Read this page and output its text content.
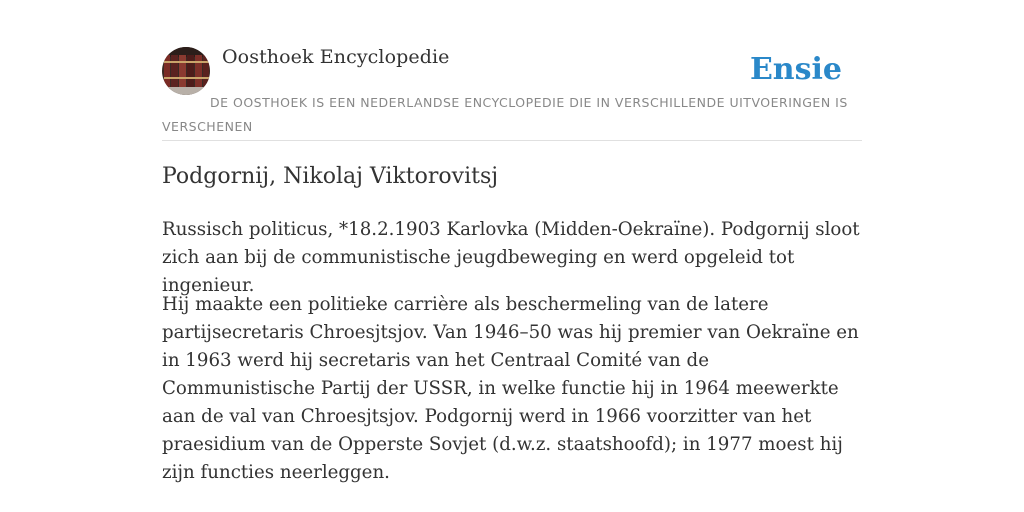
Oosthoek Encyclopedie	Ensie
DE OOSTHOEK IS EEN NEDERLANDSE ENCYCLOPEDIE DIE IN VERSCHILLENDE UITVOERINGEN IS VERSCHENEN
Podgornij, Nikolaj Viktorovitsj

Russisch politicus, *18.2.1903 Karlovka (Midden-Oekraïne). Podgornij sloot zich aan bij de communistische jeugdbeweging en werd opgeleid tot ingenieur.

Hij maakte een politieke carrière als beschermeling van de latere partijsecretaris Chroesjtsjov. Van 1946–50 was hij premier van Oekraïne en in 1963 werd hij secretaris van het Centraal Comité van de Communistische Partij der USSR, in welke functie hij in 1964 meewerkte aan de val van Chroesjtsjov. Podgornij werd in 1966 voorzitter van het praesidium van de Opperste Sovjet (d.w.z. staatshoofd); in 1977 moest hij zijn functies neerleggen.
